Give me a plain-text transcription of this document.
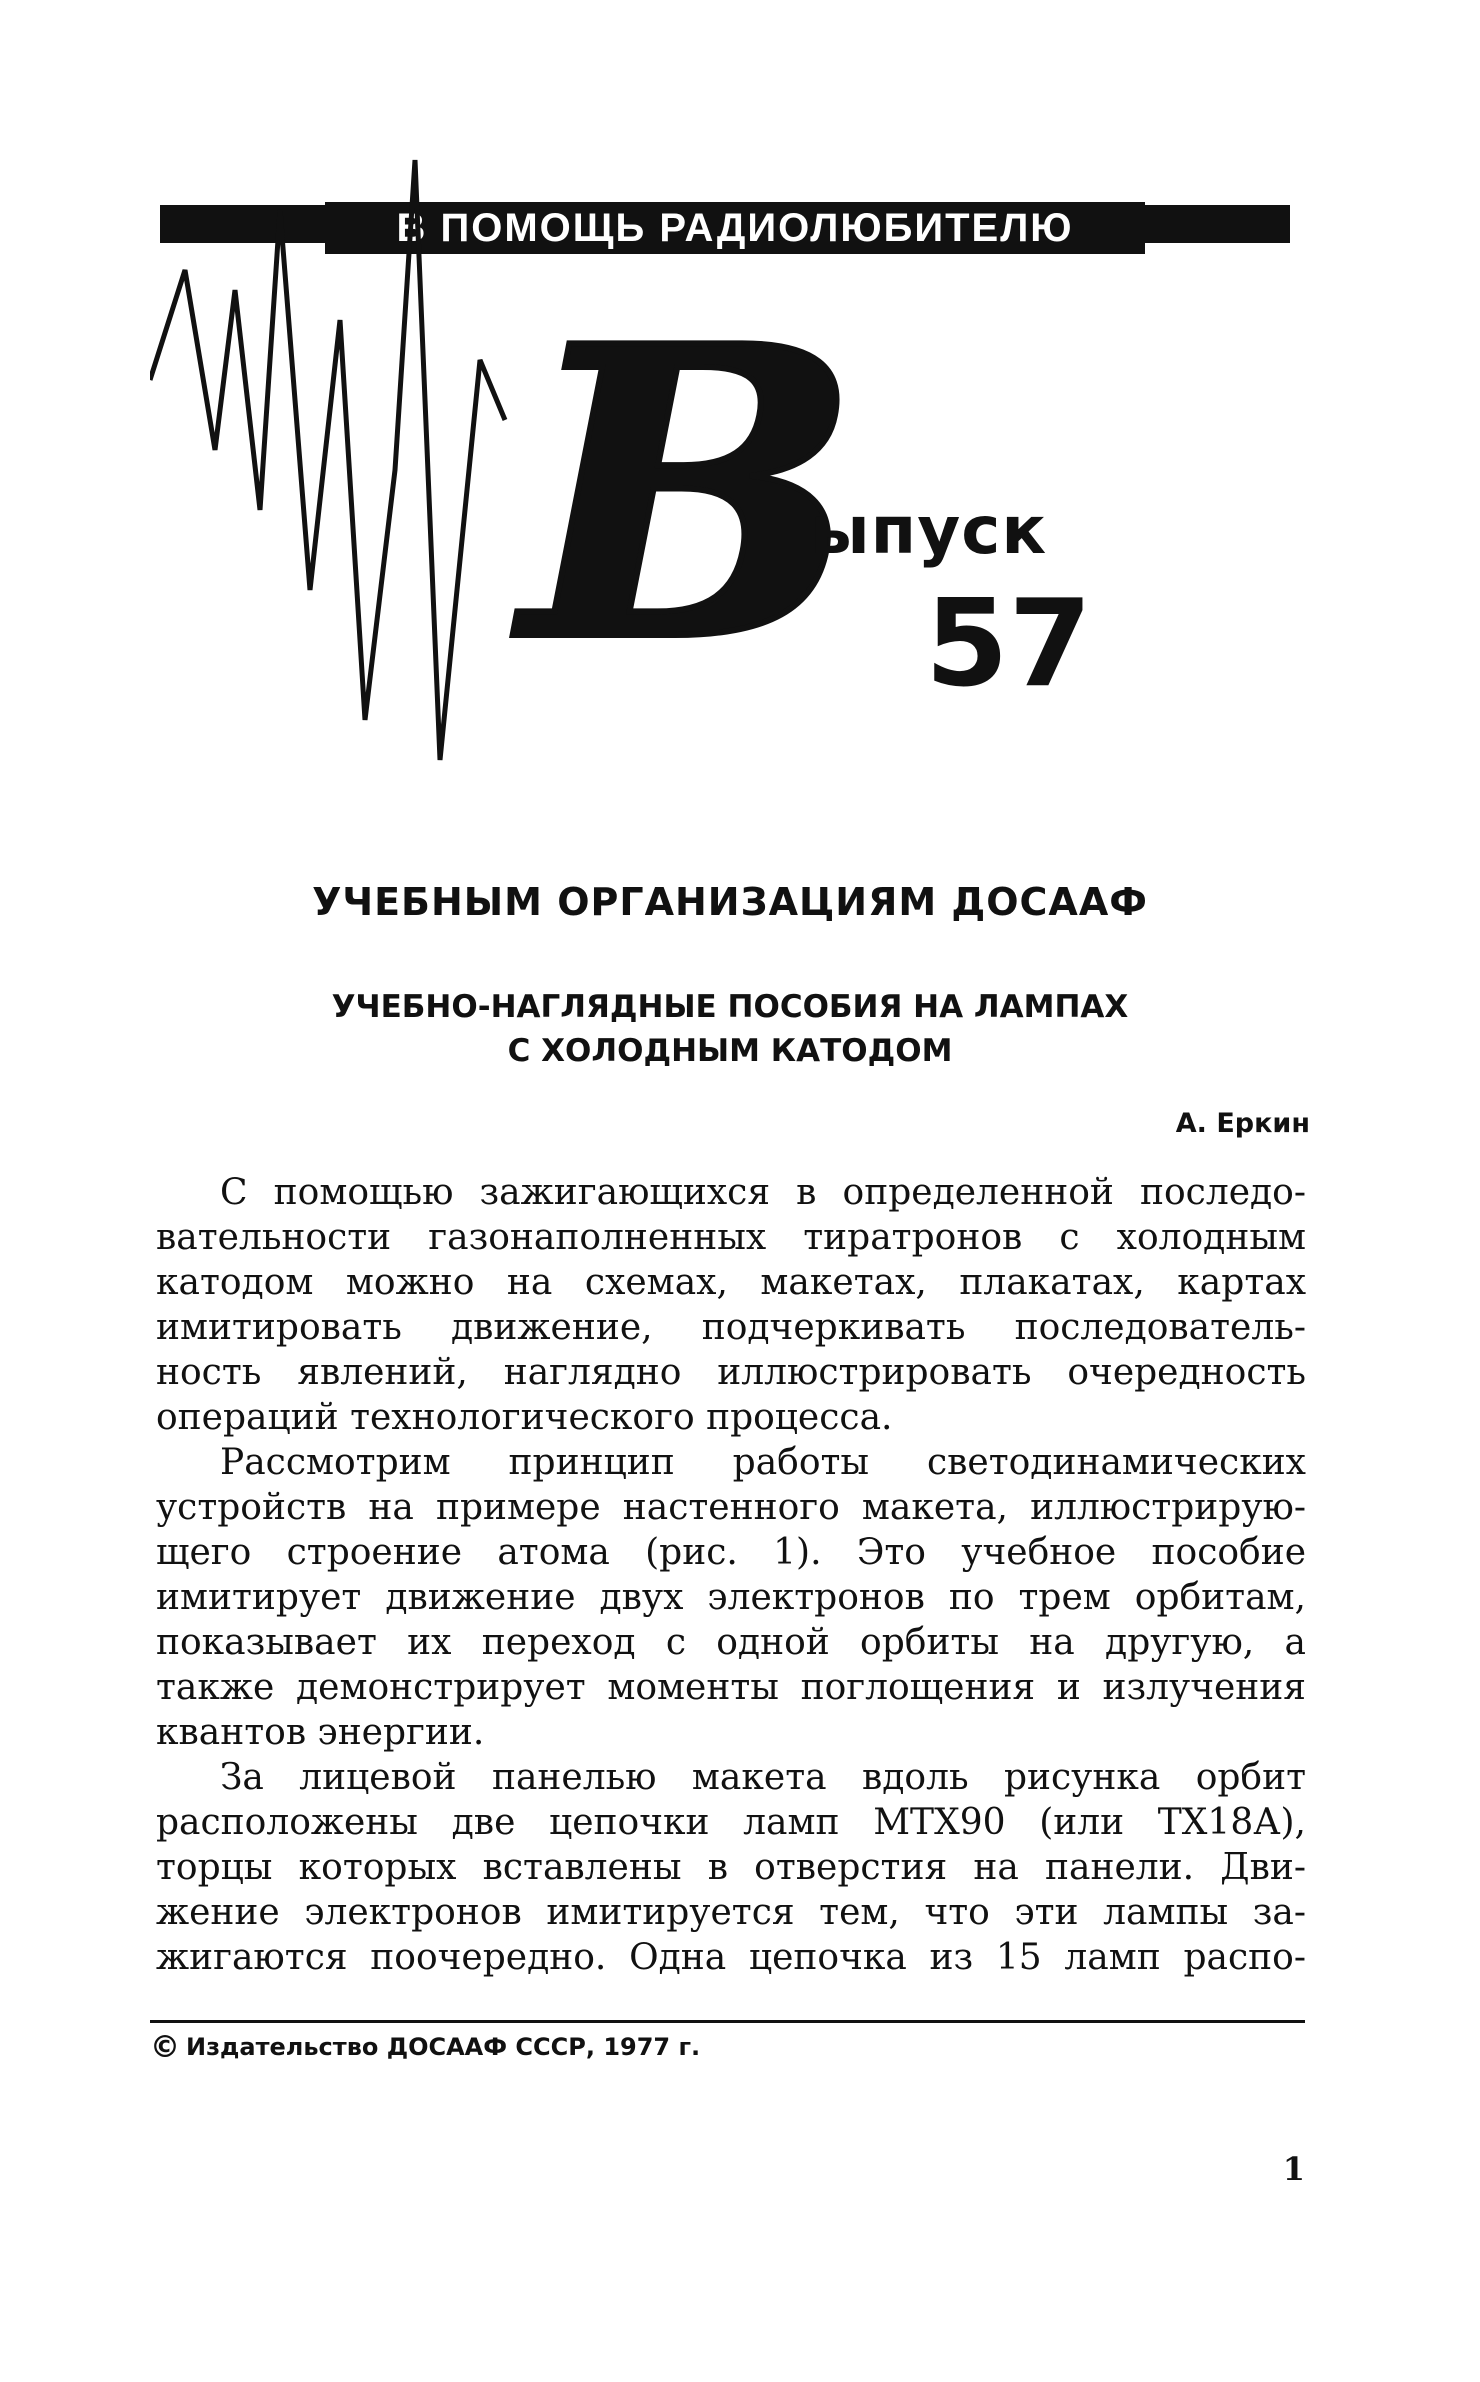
В ПОМОЩЬ РАДИОЛЮБИТЕЛЮ
В
ыпуск
57
УЧЕБНЫМ ОРГАНИЗАЦИЯМ ДОСААФ
УЧЕБНО-НАГЛЯДНЫЕ ПОСОБИЯ НА ЛАМПАХ
С ХОЛОДНЫМ КАТОДОМ
А. Еркин

С помощью зажигающихся в определенной последо-
вательности газонаполненных тиратронов с холодным
катодом можно на схемах, макетах, плакатах, картах
имитировать движение, подчеркивать последователь-
ность явлений, наглядно иллюстрировать очередность
операций технологического процесса.

Рассмотрим принцип работы светодинамических
устройств на примере настенного макета, иллюстрирую-
щего строение атома (рис. 1). Это учебное пособие
имитирует движение двух электронов по трем орбитам,
показывает их переход с одной орбиты на другую, а
также демонстрирует моменты поглощения и излучения
квантов энергии.

За лицевой панелью макета вдоль рисунка орбит
расположены две цепочки ламп МТХ90 (или ТХ18А),
торцы которых вставлены в отверстия на панели. Дви-
жение электронов имитируется тем, что эти лампы за-
жигаются поочередно. Одна цепочка из 15 ламп распо-

© Издательство ДОСААФ СССР, 1977 г.
1
